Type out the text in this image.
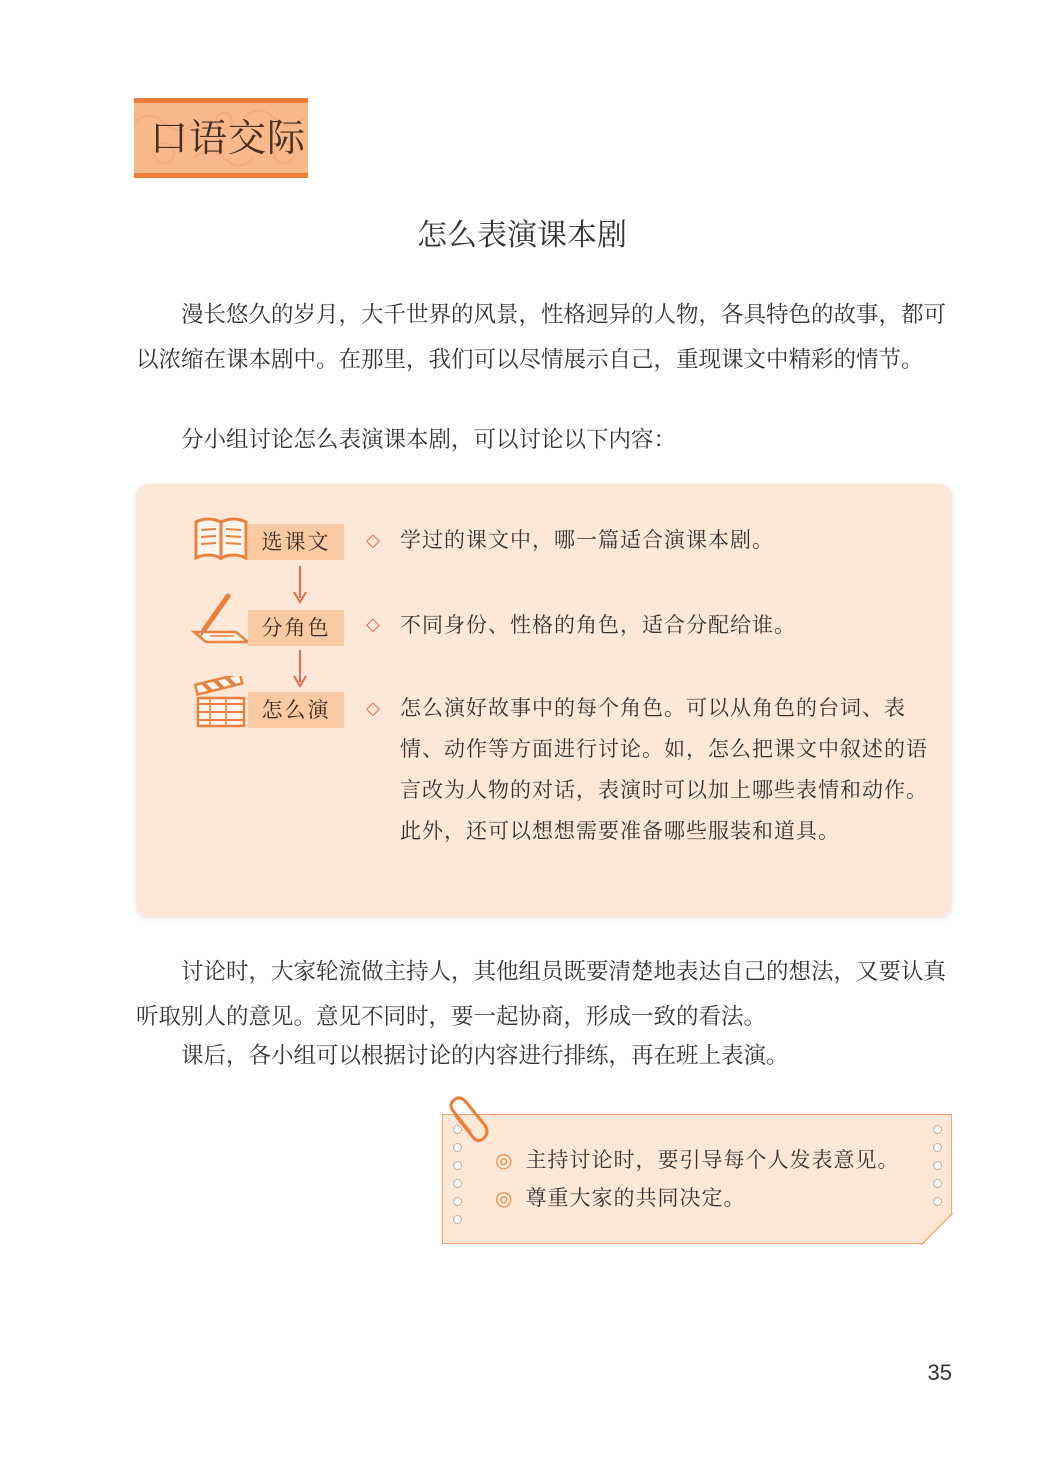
口语交际
怎么表演课本剧

漫长悠久的岁月，大千世界的风景，性格迥异的人物，各具特色的故事，都可以浓缩在课本剧中。在那里，我们可以尽情展示自己，重现课文中精彩的情节。

分小组讨论怎么表演课本剧，可以讨论以下内容：

选课文	◇ 学过的课文中，哪一篇适合演课本剧。

分角色	◇ 不同身份、性格的角色，适合分配给谁。

怎么演	◇ 怎么演好故事中的每个角色。可以从角色的台词、表情、动作等方面进行讨论。如，怎么把课文中叙述的语言改为人物的对话，表演时可以加上哪些表情和动作。此外，还可以想想需要准备哪些服装和道具。

讨论时，大家轮流做主持人，其他组员既要清楚地表达自己的想法，又要认真听取别人的意见。意见不同时，要一起协商，形成一致的看法。

课后，各小组可以根据讨论的内容进行排练，再在班上表演。

◎ 主持讨论时，要引导每个人发表意见。
◎ 尊重大家的共同决定。
35
